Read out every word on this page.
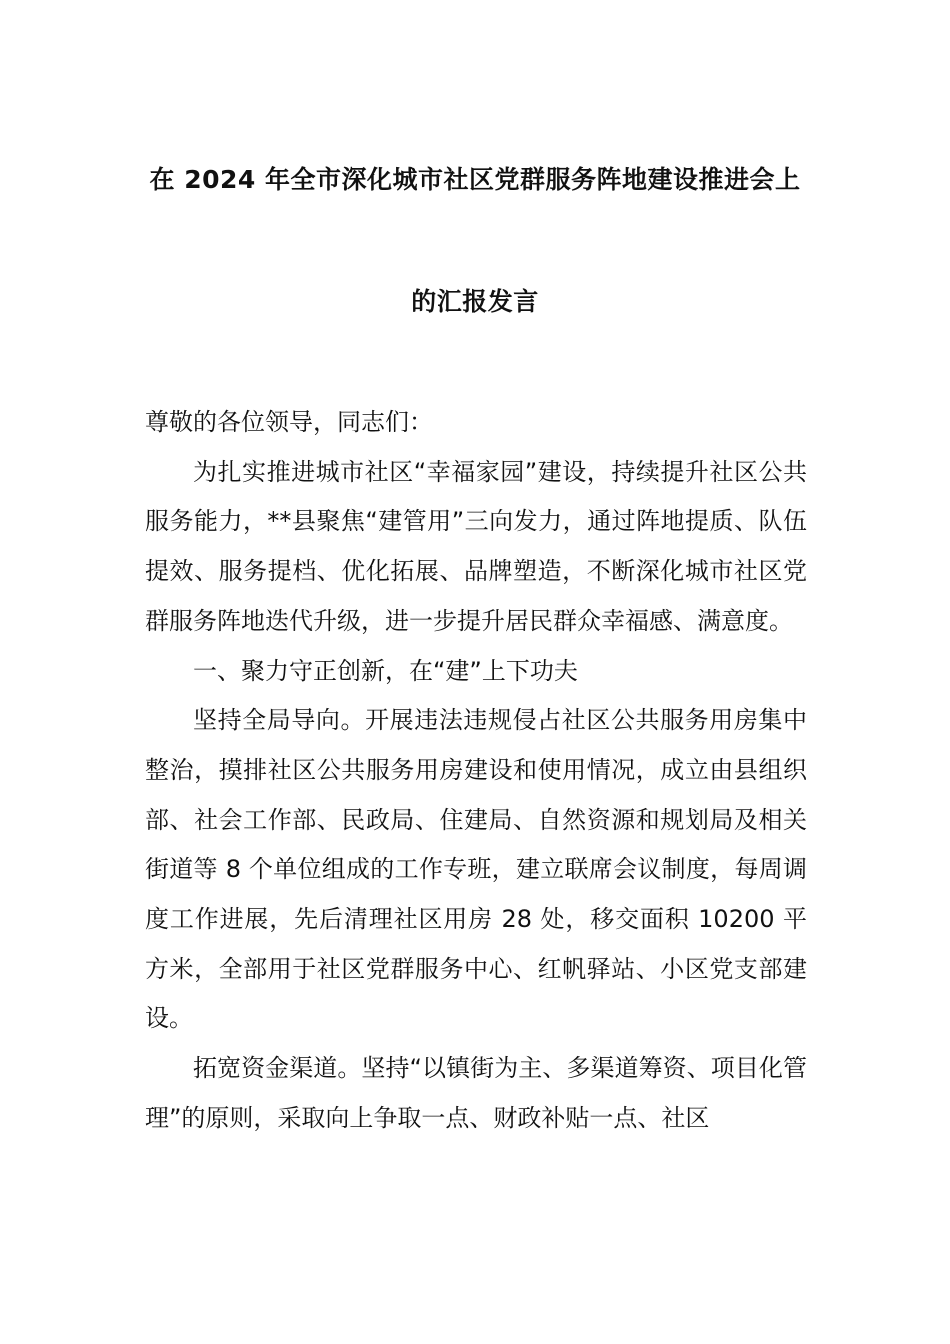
在 2024 年全市深化城市社区党群服务阵地建设推进会上
的汇报发言

尊敬的各位领导，同志们：

为扎实推进城市社区“幸福家园”建设，持续提升社区公共服务能力，**县聚焦“建管用”三向发力，通过阵地提质、队伍提效、服务提档、优化拓展、品牌塑造，不断深化城市社区党群服务阵地迭代升级，进一步提升居民群众幸福感、满意度。

一、聚力守正创新，在“建”上下功夫

坚持全局导向。开展违法违规侵占社区公共服务用房集中整治，摸排社区公共服务用房建设和使用情况，成立由县组织部、社会工作部、民政局、住建局、自然资源和规划局及相关街道等 8 个单位组成的工作专班，建立联席会议制度，每周调度工作进展，先后清理社区用房 28 处，移交面积 10200 平方米，全部用于社区党群服务中心、红帆驿站、小区党支部建设。

拓宽资金渠道。坚持“以镇街为主、多渠道筹资、项目化管理”的原则，采取向上争取一点、财政补贴一点、社区
